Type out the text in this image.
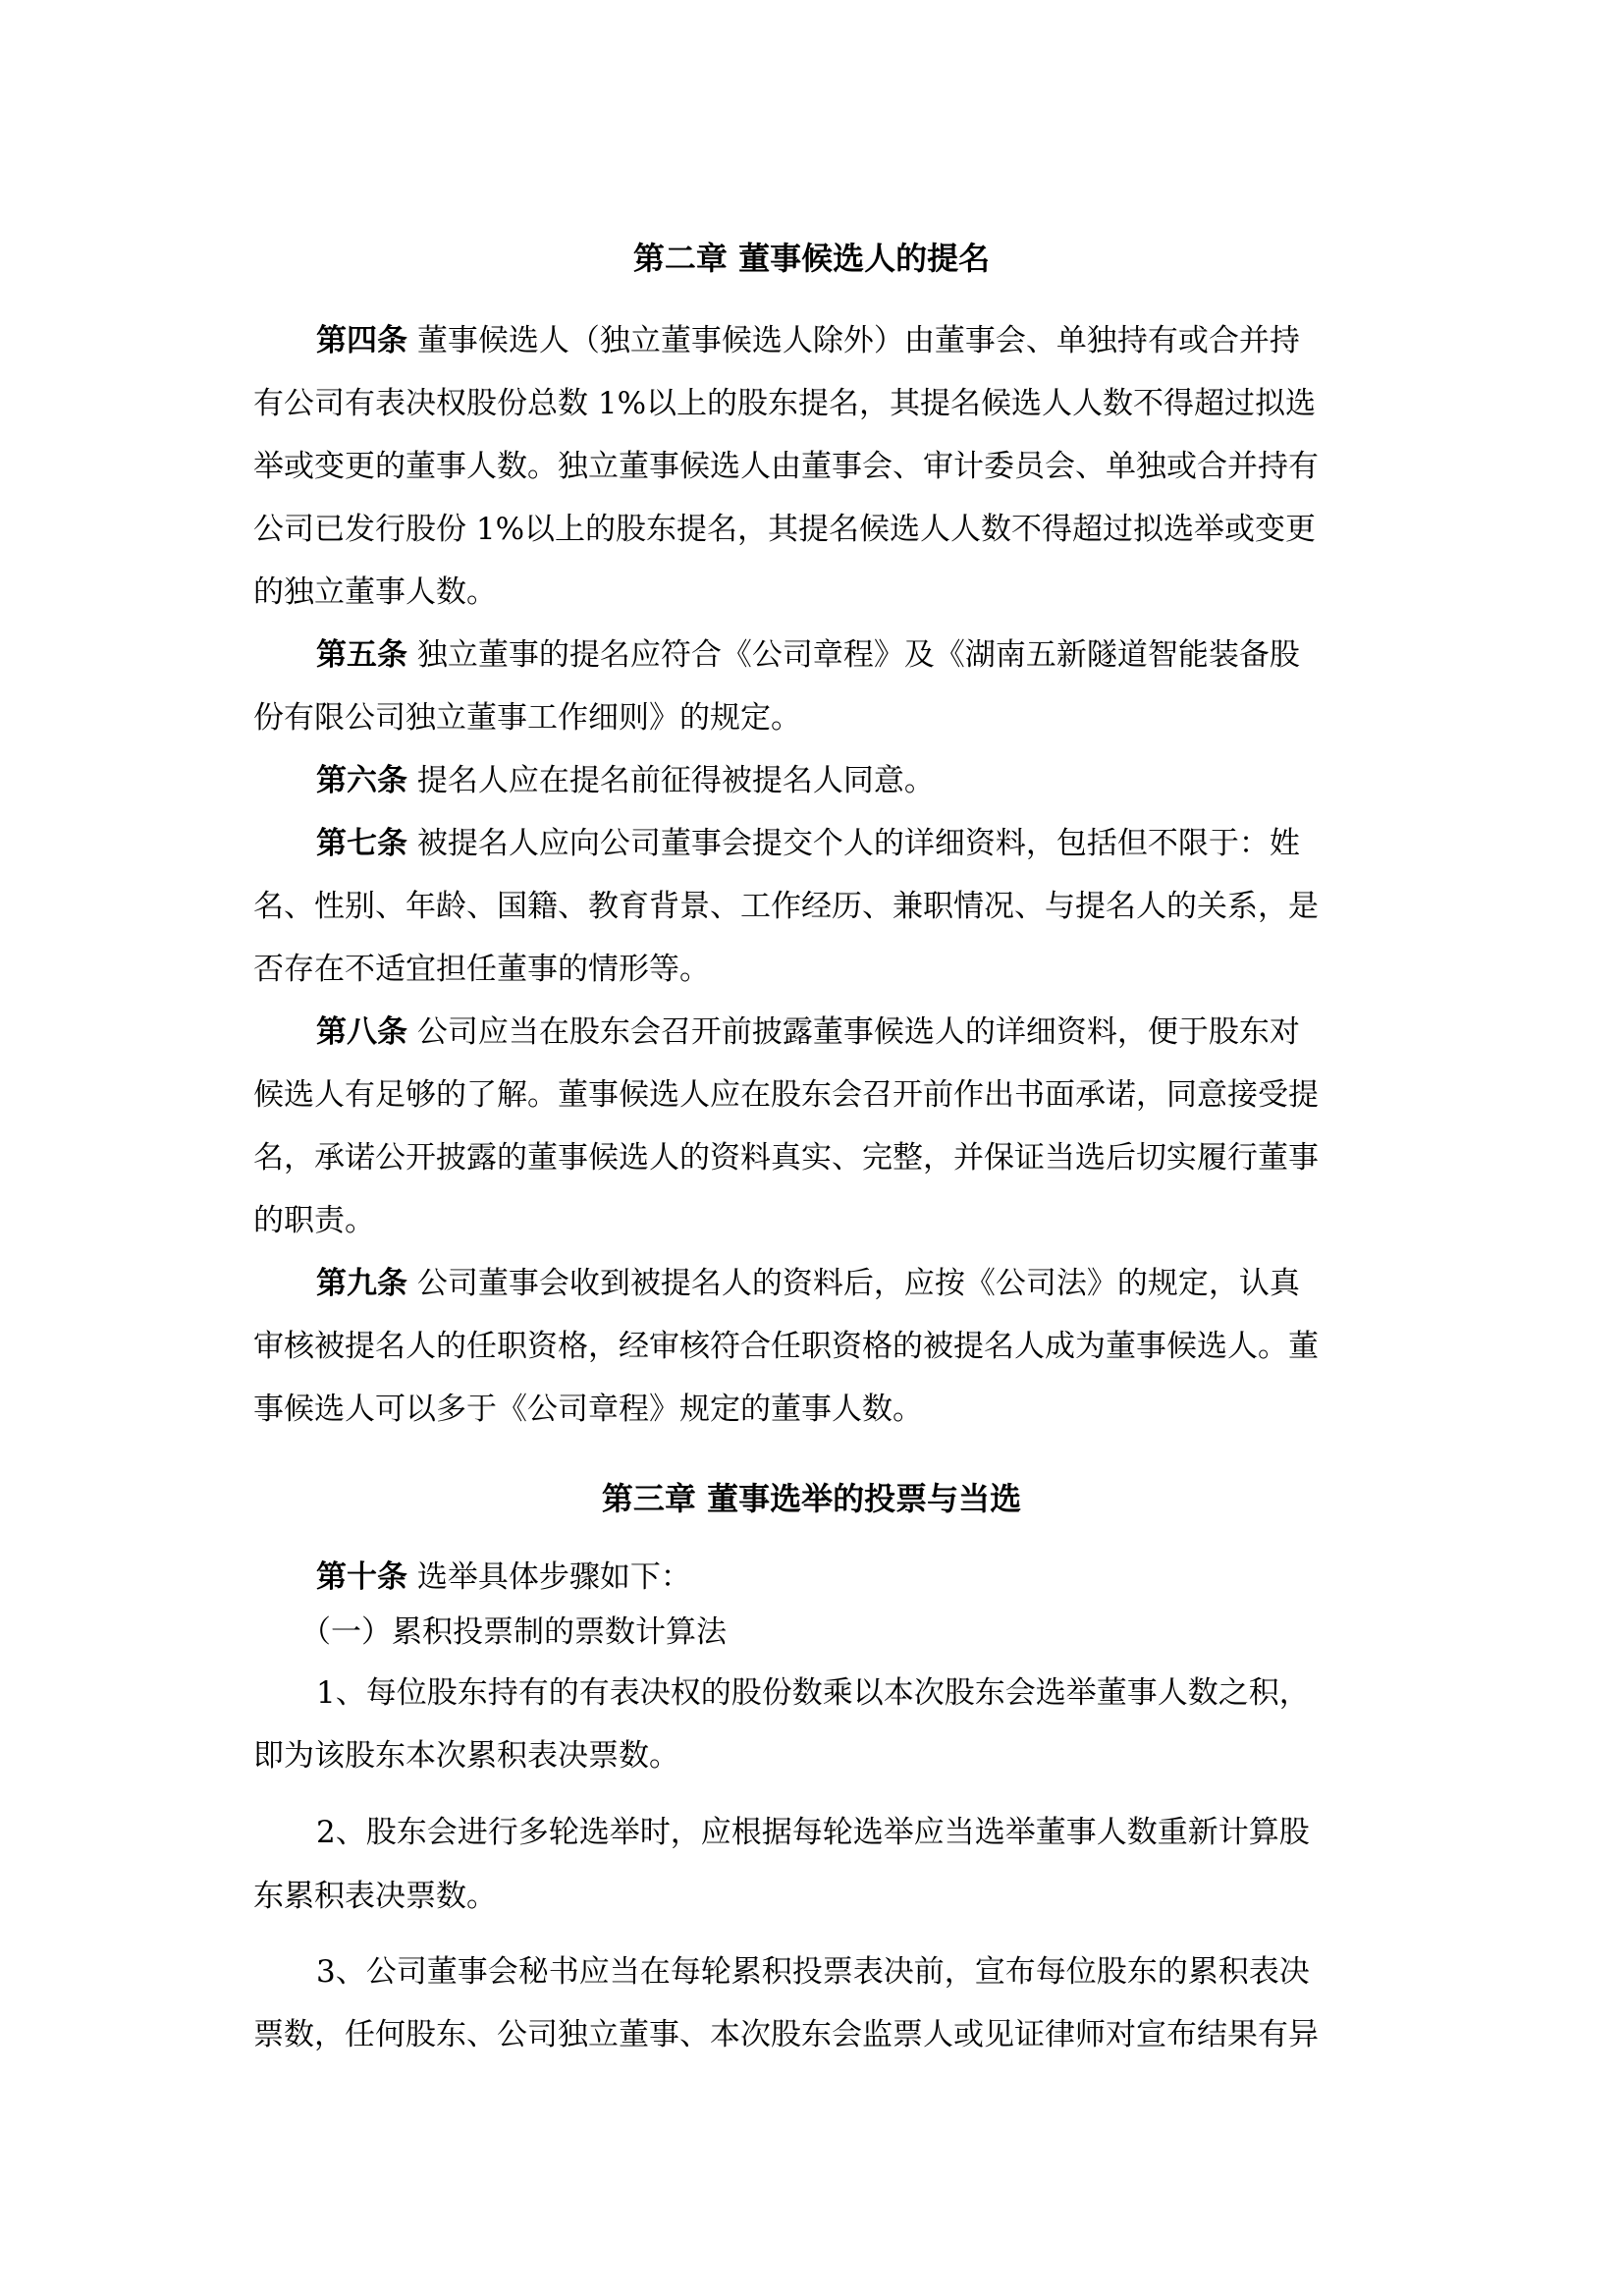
第二章 董事候选人的提名
第四条 董事候选人（独立董事候选人除外）由董事会、单独持有或合并持
有公司有表决权股份总数 1%以上的股东提名，其提名候选人人数不得超过拟选
举或变更的董事人数。独立董事候选人由董事会、审计委员会、单独或合并持有
公司已发行股份 1%以上的股东提名，其提名候选人人数不得超过拟选举或变更
的独立董事人数。
第五条 独立董事的提名应符合《公司章程》及《湖南五新隧道智能装备股
份有限公司独立董事工作细则》的规定。
第六条 提名人应在提名前征得被提名人同意。
第七条 被提名人应向公司董事会提交个人的详细资料，包括但不限于：姓
名、性别、年龄、国籍、教育背景、工作经历、兼职情况、与提名人的关系，是
否存在不适宜担任董事的情形等。
第八条 公司应当在股东会召开前披露董事候选人的详细资料，便于股东对
候选人有足够的了解。董事候选人应在股东会召开前作出书面承诺，同意接受提
名，承诺公开披露的董事候选人的资料真实、完整，并保证当选后切实履行董事
的职责。
第九条 公司董事会收到被提名人的资料后，应按《公司法》的规定，认真
审核被提名人的任职资格，经审核符合任职资格的被提名人成为董事候选人。董
事候选人可以多于《公司章程》规定的董事人数。
第三章 董事选举的投票与当选
第十条 选举具体步骤如下：
（一）累积投票制的票数计算法
1、每位股东持有的有表决权的股份数乘以本次股东会选举董事人数之积，
即为该股东本次累积表决票数。
2、股东会进行多轮选举时，应根据每轮选举应当选举董事人数重新计算股
东累积表决票数。
3、公司董事会秘书应当在每轮累积投票表决前，宣布每位股东的累积表决
票数，任何股东、公司独立董事、本次股东会监票人或见证律师对宣布结果有异
